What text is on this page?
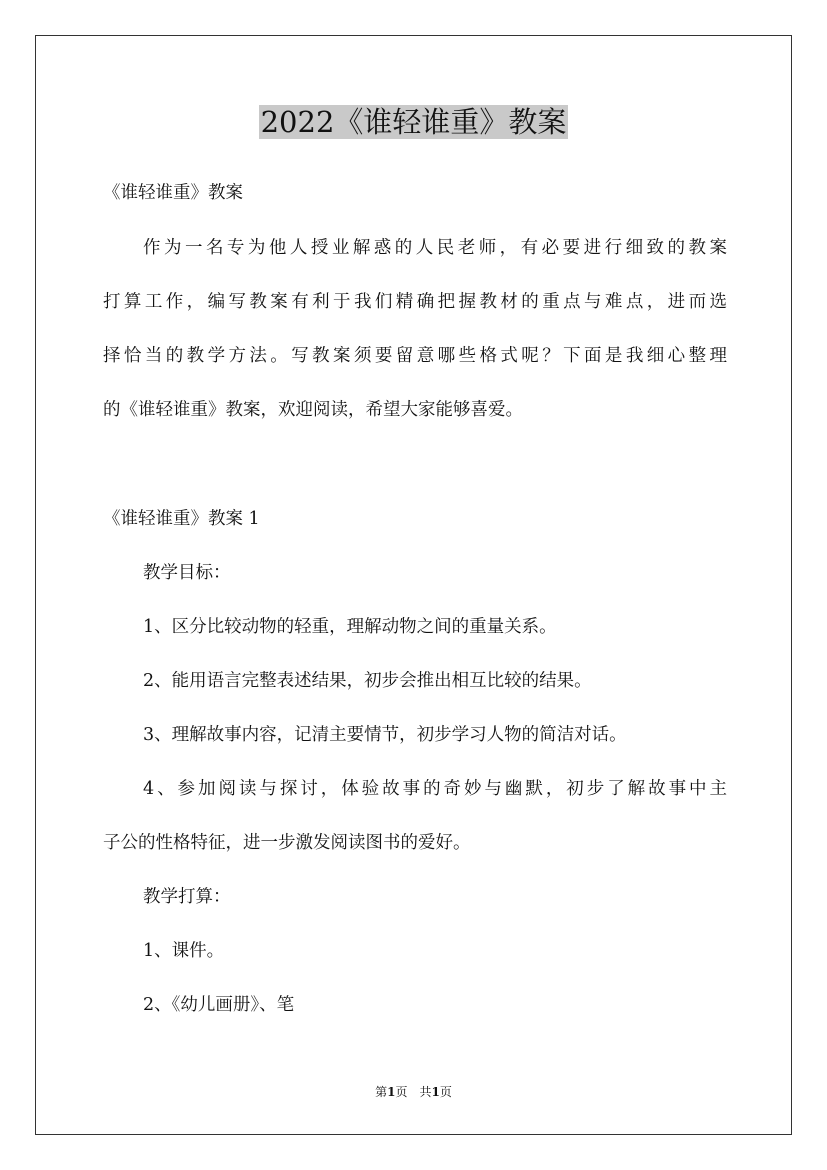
2022《谁轻谁重》教案

《谁轻谁重》教案

作为一名专为他人授业解惑的人民老师，有必要进行细致的教案

打算工作，编写教案有利于我们精确把握教材的重点与难点，进而选

择恰当的教学方法。写教案须要留意哪些格式呢？下面是我细心整理

的《谁轻谁重》教案，欢迎阅读，希望大家能够喜爱。

《谁轻谁重》教案 1

教学目标：

1、区分比较动物的轻重，理解动物之间的重量关系。

2、能用语言完整表述结果，初步会推出相互比较的结果。

3、理解故事内容，记清主要情节，初步学习人物的简洁对话。

4、参加阅读与探讨，体验故事的奇妙与幽默，初步了解故事中主

子公的性格特征，进一步激发阅读图书的爱好。

教学打算：

1、课件。

2、《幼儿画册》、笔

第1页　共1页
